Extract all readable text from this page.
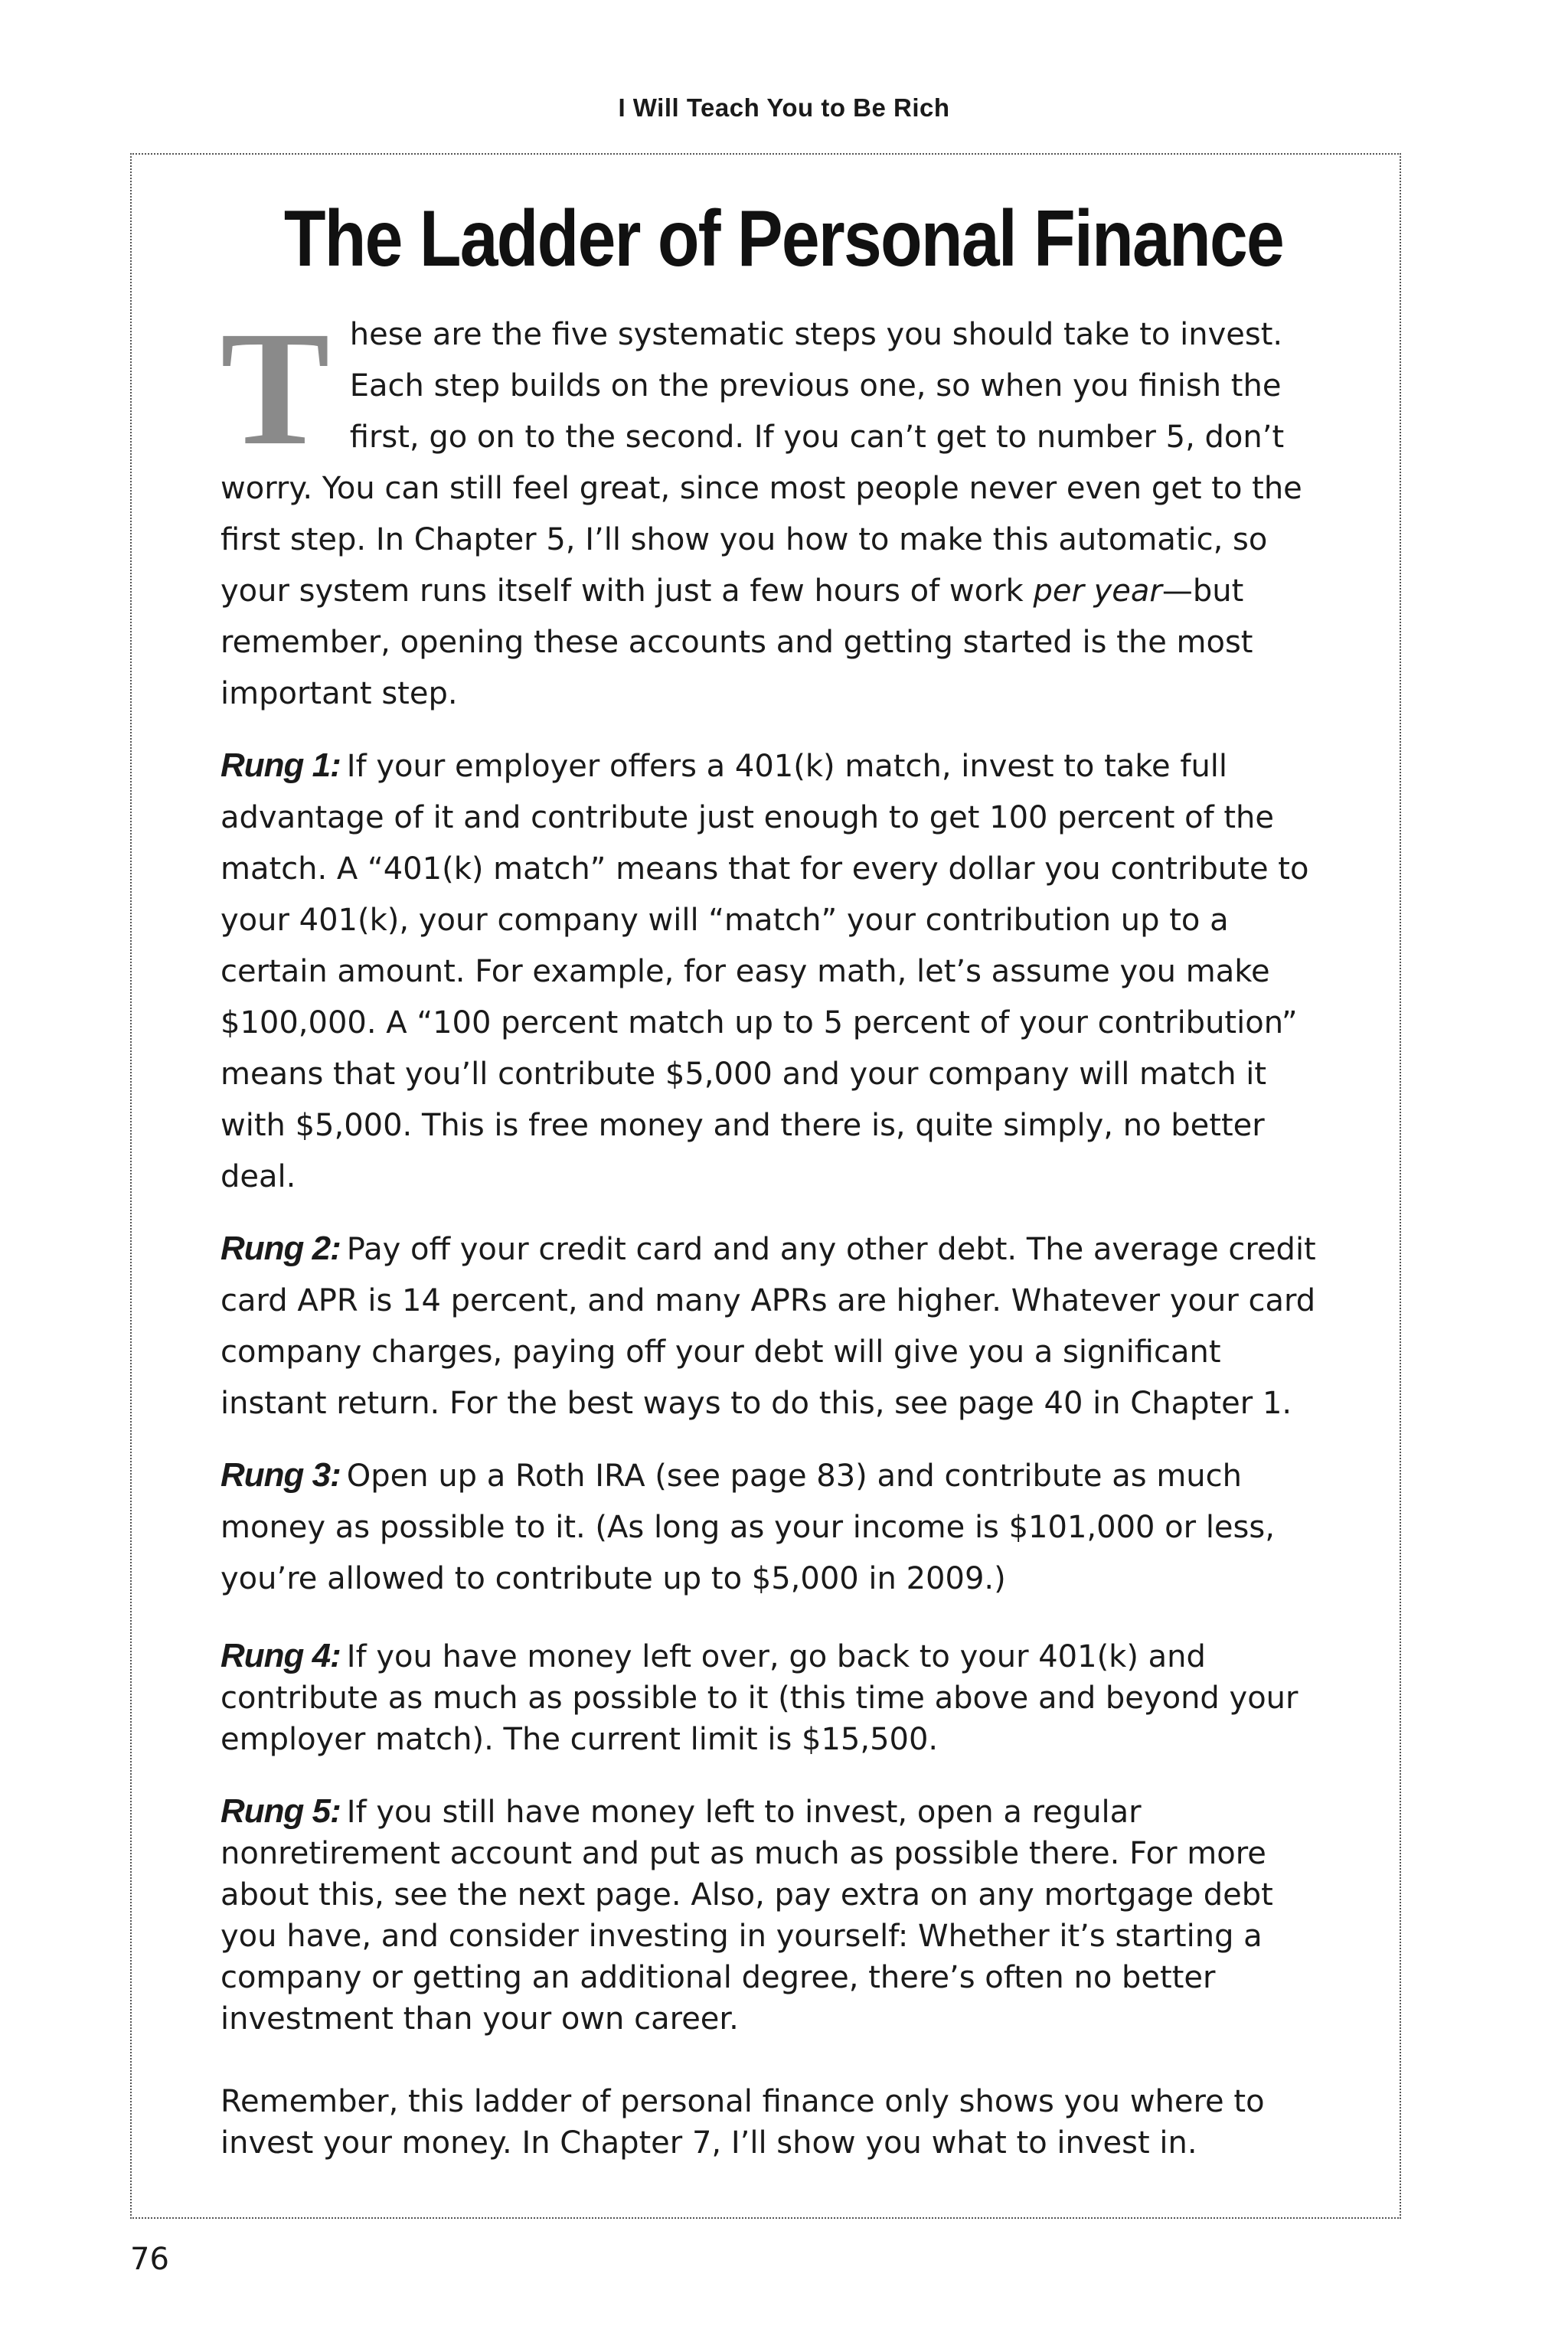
I Will Teach You to Be Rich
The Ladder of Personal Finance

These are the five systematic steps you should take to invest. Each step builds on the previous one, so when you finish the first, go on to the second. If you can’t get to number 5, don’t worry. You can still feel great, since most people never even get to the first step. In Chapter 5, I’ll show you how to make this automatic, so your system runs itself with just a few hours of work per year—but remember, opening these accounts and getting started is the most important step.

Rung 1: If your employer offers a 401(k) match, invest to take full advantage of it and contribute just enough to get 100 percent of the match. A “401(k) match” means that for every dollar you contribute to your 401(k), your company will “match” your contribution up to a certain amount. For example, for easy math, let’s assume you make $100,000. A “100 percent match up to 5 percent of your contribution” means that you’ll contribute $5,000 and your company will match it with $5,000. This is free money and there is, quite simply, no better deal.

Rung 2: Pay off your credit card and any other debt. The average credit card APR is 14 percent, and many APRs are higher. Whatever your card company charges, paying off your debt will give you a significant instant return. For the best ways to do this, see page 40 in Chapter 1.

Rung 3: Open up a Roth IRA (see page 83) and contribute as much money as possible to it. (As long as your income is $101,000 or less, you’re allowed to contribute up to $5,000 in 2009.)

Rung 4: If you have money left over, go back to your 401(k) and contribute as much as possible to it (this time above and beyond your employer match). The current limit is $15,500.

Rung 5: If you still have money left to invest, open a regular nonretirement account and put as much as possible there. For more about this, see the next page. Also, pay extra on any mortgage debt you have, and consider investing in yourself: Whether it’s starting a company or getting an additional degree, there’s often no better investment than your own career.

Remember, this ladder of personal finance only shows you where to invest your money. In Chapter 7, I’ll show you what to invest in.

76
